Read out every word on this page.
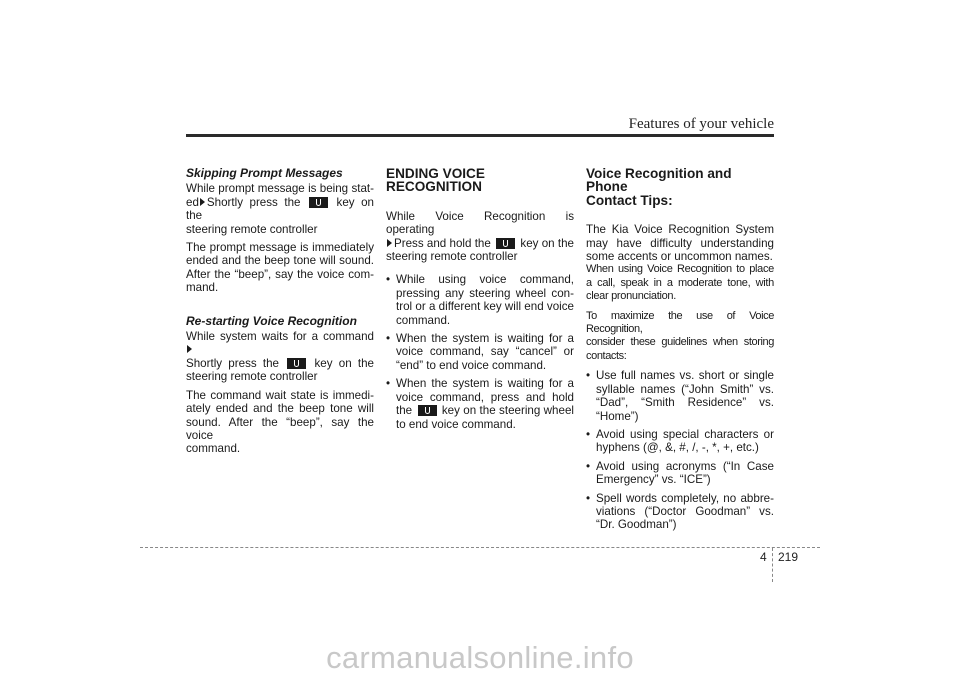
Features of your vehicle
Skipping Prompt Messages
While prompt message is being stat-
ed Shortly press the	key on the
steering remote controller
The prompt message is immediately
ended and the beep tone will sound.
After the “beep”, say the voice com-
mand.
Re-starting Voice Recognition
While system waits for a command
Shortly press the	key on the
steering remote controller
The command wait state is immedi-
ately ended and the beep tone will
sound. After the “beep”, say the voice
command.
ENDING VOICE
RECOGNITION
While Voice Recognition is operating
Press and hold the	key on the
steering remote controller
• While using voice command,
pressing any steering wheel con-
trol or a different key will end voice
command.
• When the system is waiting for a
voice command, say “cancel” or
“end” to end voice command.
• When the system is waiting for a
voice command, press and hold
the	key on the steering wheel
to end voice command.
Voice Recognition and Phone
Contact Tips:
The Kia Voice Recognition System
may have difficulty understanding
some accents or uncommon names.
When using Voice Recognition to place
a call, speak in a moderate tone, with
clear pronunciation.
To maximize the use of Voice Recognition,
consider these guidelines when storing
contacts:
• Use full names vs. short or single
syllable names (“John Smith” vs.
“Dad”, “Smith Residence” vs.
“Home”)
• Avoid using special characters or
hyphens (@, &, #, /, -, *, +, etc.)
• Avoid using acronyms (“In Case
Emergency” vs. “ICE”)
• Spell words completely, no abbre-
viations (“Doctor Goodman” vs.
“Dr. Goodman”)
4 219
carmanualsonline.info
